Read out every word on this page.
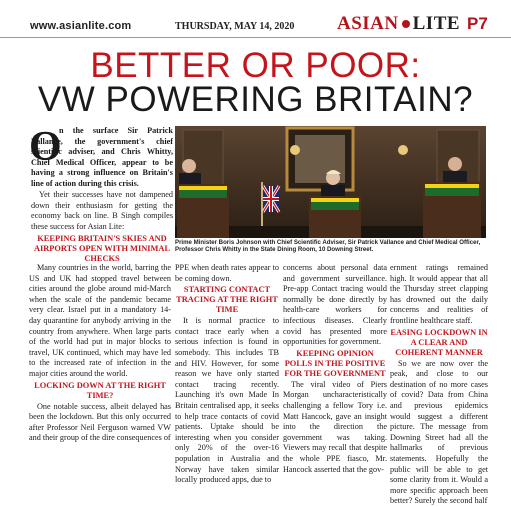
www.asianlite.com	THURSDAY, MAY 14, 2020 ASIAN LITE P7
BETTER OR POOR:
VW POWERING BRITAIN?
O

n the surface Sir Patrick Vallance, the government's chief scientific adviser, and Chris Whitty, Chief Medical Officer, appear to be having a strong influence on Britain's line of action during this crisis.

Yet their successes have not dampened down their enthusiasm for getting the economy back on line. B Singh compiles these success for Asian Lite:

KEEPING BRITAIN'S SKIES AND AIRPORTS OPEN WITH MINIMAL CHECKS
Prime Minister Boris Johnson with Chief Scientific Adviser, Sir Patrick Vallance and Chief Medical Officer, Professor Chris Whitty in the State Dining Room, 10 Downing Street.

Many countries in the world, barring the US and UK had stopped travel between cities around the globe around mid-March when the scale of the pandemic became very clear. Israel put in a mandatory 14-day quarantine for anybody arriving in the country from anywhere. When large parts of the world had put in major blocks to travel, UK continued, which may have led to the increased rate of infection in the major cities around the world.

LOCKING DOWN AT THE RIGHT TIME?

One notable success, albeit delayed has been the lockdown. But this only occurred after Professor Neil Ferguson warned VW and their group of the dire consequences of

PPE when death rates appear to be coming down.

STARTING CONTACT TRACING AT THE RIGHT TIME

It is normal practice to contact trace early when a serious infection is found in somebody. This includes TB and HIV. However, for some reason we have only started contact tracing recently. Launching it's own Made In Britain centralised app, it seeks to help trace contacts of covid patients. Uptake should be interesting when you consider only 20% of the over-16 population in Australia and Norway have taken similar locally produced apps, due to

concerns about personal data and government surveillance. Pre-app Contact tracing would normally be done directly by health-care workers for infectious diseases. Clearly covid has presented more opportunities for government.

KEEPING OPINION POLLS IN THE POSITIVE FOR THE GOVERNMENT

The viral video of Piers Morgan uncharacteristically challenging a fellow Tory i.e. Matt Hancock, gave an insight into the direction the government was taking. Viewers may recall that despite the whole PPE fiasco, Mr. Hancock asserted that the gov-

ernment ratings remained high. It would appear that all the Thursday street clapping has drowned out the daily concerns and realities of frontline healthcare staff.

EASING LOCKDOWN IN A CLEAR AND COHERENT MANNER

So we are now over the peak, and close to our destination of no more cases of covid? Data from China and previous epidemics would suggest a different picture. The message from Downing Street had all the hallmarks of previous statements. Hopefully the public will be able to get some clarity from it. Would a more specific approach been better? Surely the second half
